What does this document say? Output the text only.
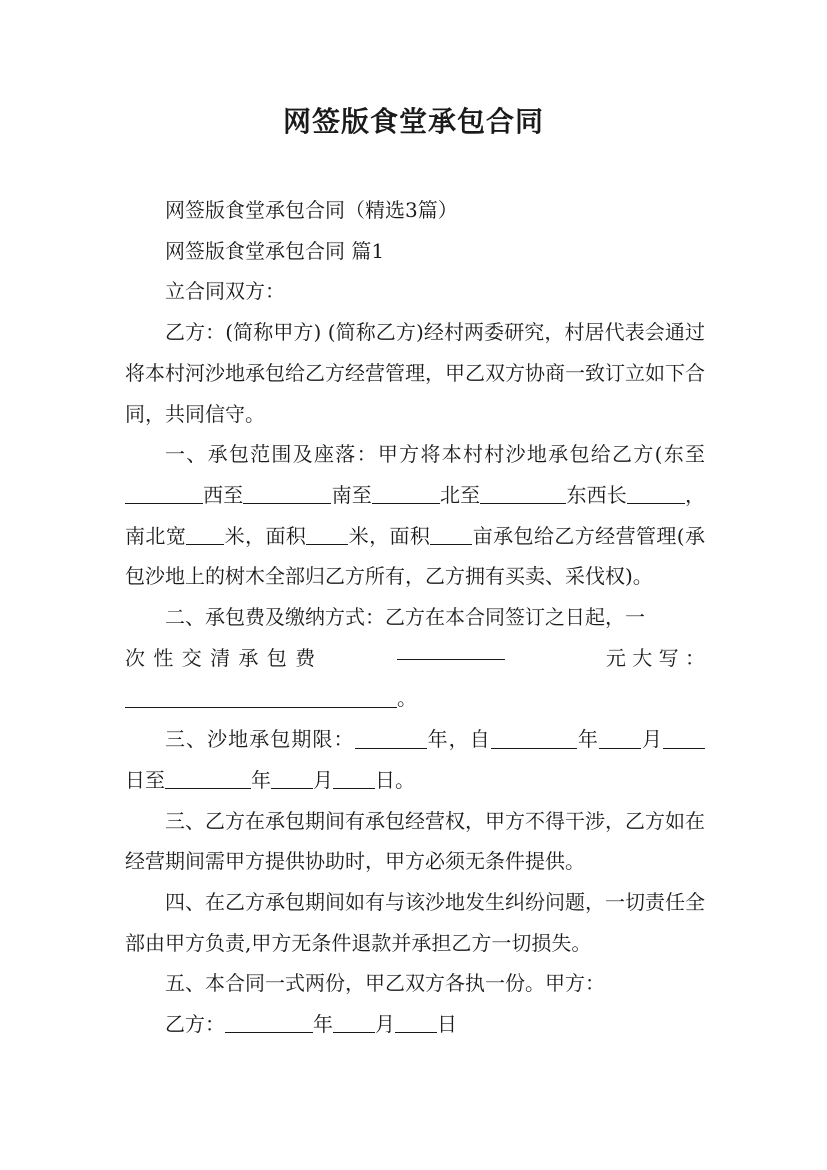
网签版食堂承包合同

网签版食堂承包合同（精选3篇）

网签版食堂承包合同 篇1

立合同双方：

乙方：(简称甲方) (简称乙方)经村两委研究，村居代表会通过将本村河沙地承包给乙方经营管理，甲乙双方协商一致订立如下合同，共同信守。

一、承包范围及座落：甲方将本村村沙地承包给乙方(东至西至	南至	北至	东西长	，南北宽 米，面积 米，面积 亩承包给乙方经营管理(承包沙地上的树木全部归乙方所有，乙方拥有买卖、采伐权)。

二、承包费及缴纳方式：乙方在本合同签订之日起，一

次 性 交 清 承 包 费	元 大 写 ：

。

三、沙地承包期限：	年，自	年 月日至	年 月 日。

三、乙方在承包期间有承包经营权，甲方不得干涉，乙方如在经营期间需甲方提供协助时，甲方必须无条件提供。

四、在乙方承包期间如有与该沙地发生纠纷问题，一切责任全部由甲方负责,甲方无条件退款并承担乙方一切损失。

五、本合同一式两份，甲乙双方各执一份。甲方：

乙方：	年 月 日
